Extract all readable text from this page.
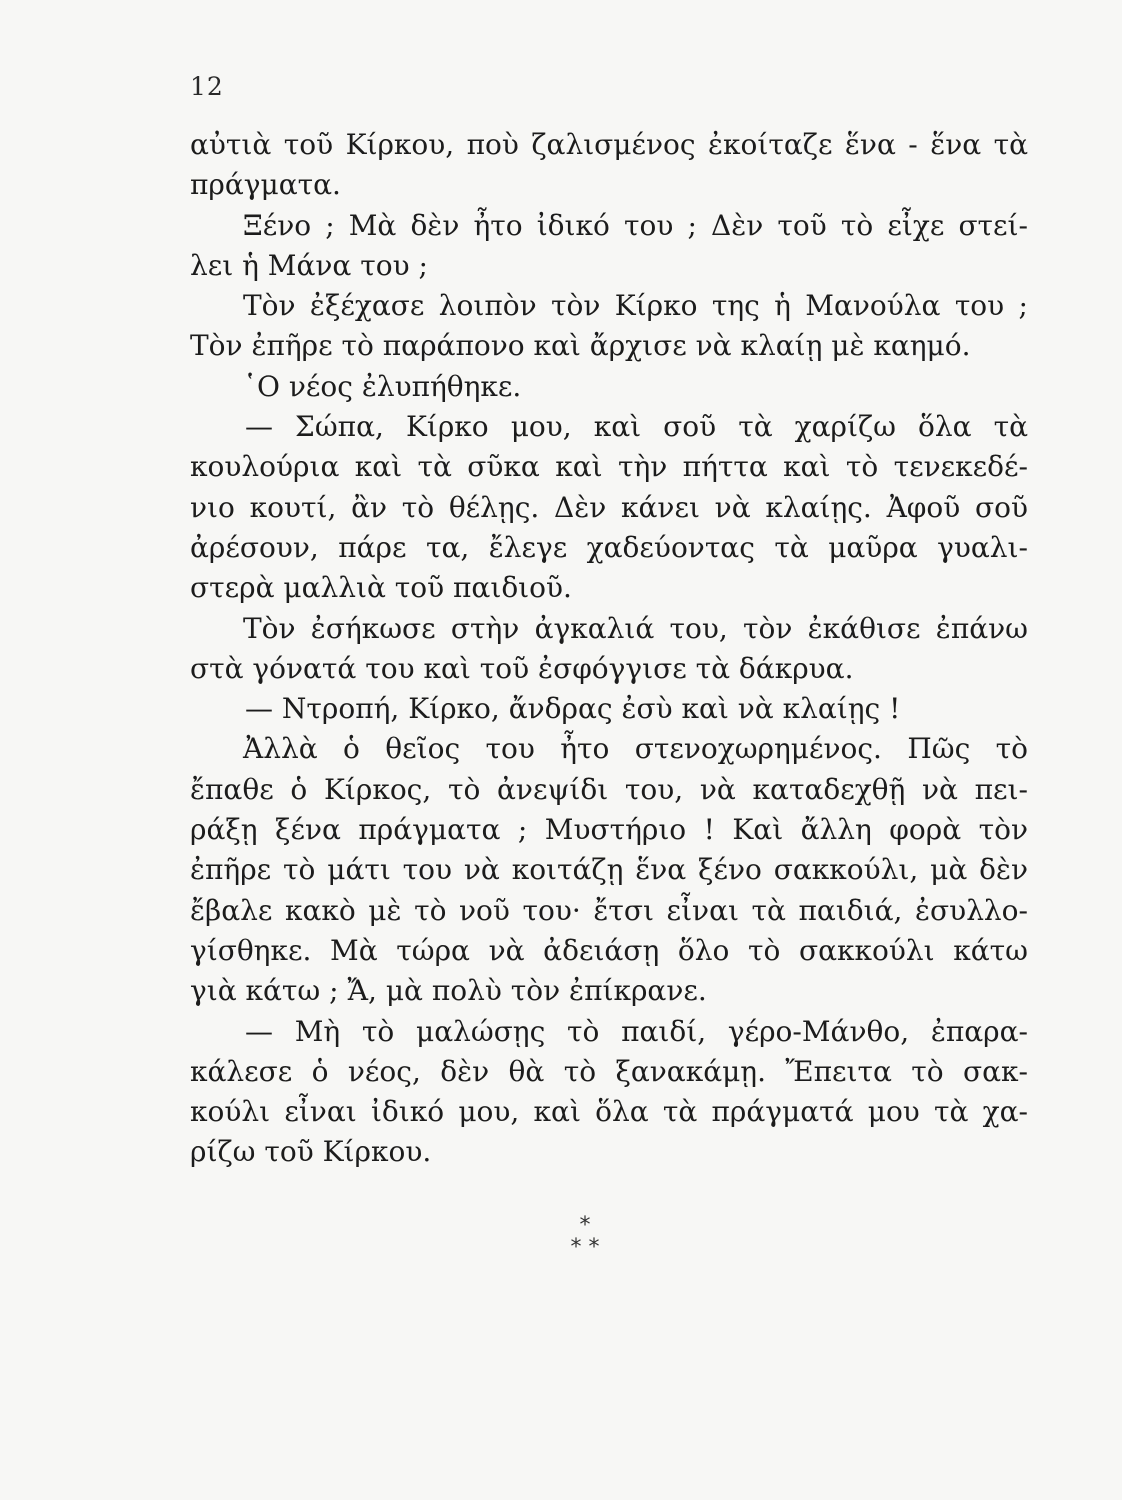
12
αὐτιὰ τοῦ Κίρκου, ποὺ ζαλισμένος ἐκοίταζε ἕνα - ἕνα τὰ
πράγματα.
Ξένο ; Μὰ δὲν ἦτο ἰδικό του ; Δὲν τοῦ τὸ εἶχε στεί-
λει ἡ Μάνα του ;
Τὸν ἐξέχασε λοιπὸν τὸν Κίρκο της ἡ Μανούλα του ;
Τὸν ἐπῆρε τὸ παράπονο καὶ ἄρχισε νὰ κλαίῃ μὲ καημό.
῾Ο νέος ἐλυπήθηκε.
— Σώπα, Κίρκο μου, καὶ σοῦ τὰ χαρίζω ὅλα τὰ
κουλούρια καὶ τὰ σῦκα καὶ τὴν πήττα καὶ τὸ τενεκεδέ-
νιο κουτί, ἂν τὸ θέλῃς. Δὲν κάνει νὰ κλαίῃς. Ἀφοῦ σοῦ
ἀρέσουν, πάρε τα, ἔλεγε χαδεύοντας τὰ μαῦρα γυαλι-
στερὰ μαλλιὰ τοῦ παιδιοῦ.
Τὸν ἐσήκωσε στὴν ἀγκαλιά του, τὸν ἐκάθισε ἐπάνω
στὰ γόνατά του καὶ τοῦ ἐσφόγγισε τὰ δάκρυα.
— Ντροπή, Κίρκο, ἄνδρας ἐσὺ καὶ νὰ κλαίῃς !
Ἀλλὰ ὁ θεῖος του ἦτο στενοχωρημένος. Πῶς τὸ
ἔπαθε ὁ Κίρκος, τὸ ἀνεψίδι του, νὰ καταδεχθῇ νὰ πει-
ράξῃ ξένα πράγματα ; Μυστήριο ! Καὶ ἄλλη φορὰ τὸν
ἐπῆρε τὸ μάτι του νὰ κοιτάζῃ ἕνα ξένο σακκούλι, μὰ δὲν
ἔβαλε κακὸ μὲ τὸ νοῦ του· ἔτσι εἶναι τὰ παιδιά, ἐσυλλο-
γίσθηκε. Μὰ τώρα νὰ ἀδειάσῃ ὅλο τὸ σακκούλι κάτω
γιὰ κάτω ; Ἄ, μὰ πολὺ τὸν ἐπίκρανε.
— Μὴ τὸ μαλώσῃς τὸ παιδί, γέρο-Μάνθο, ἐπαρα-
κάλεσε ὁ νέος, δὲν θὰ τὸ ξανακάμῃ. Ἔπειτα τὸ σακ-
κούλι εἶναι ἰδικό μου, καὶ ὅλα τὰ πράγματά μου τὰ χα-
ρίζω τοῦ Κίρκου.
*
* *
